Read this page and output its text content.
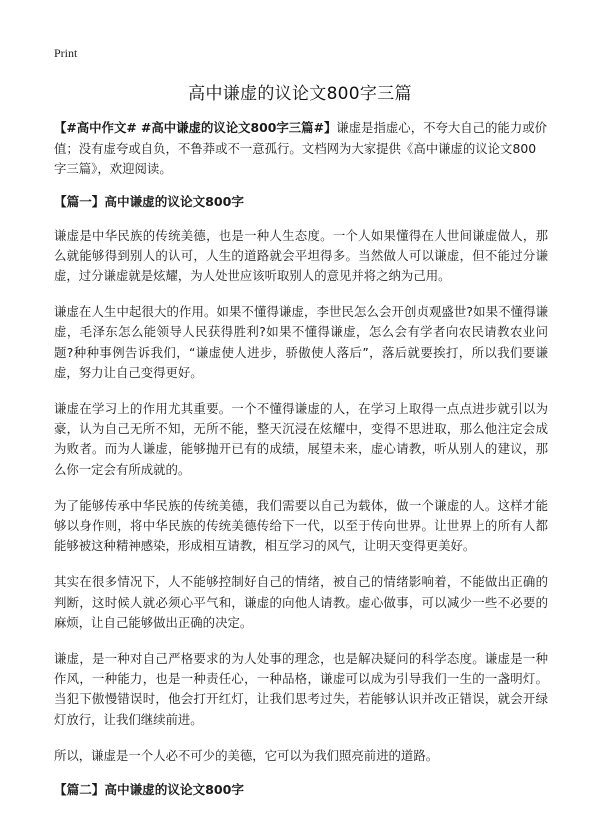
Print
高中谦虚的议论文800字三篇

【#高中作文# #高中谦虚的议论文800字三篇#】谦虚是指虚心，不夸大自己的能力或价值；没有虚夸或自负，不鲁莽或不一意孤行。文档网为大家提供《高中谦虚的议论文800字三篇》，欢迎阅读。

【篇一】高中谦虚的议论文800字

谦虚是中华民族的传统美德，也是一种人生态度。一个人如果懂得在人世间谦虚做人，那么就能够得到别人的认可，人生的道路就会平坦得多。当然做人可以谦虚，但不能过分谦虚，过分谦虚就是炫耀，为人处世应该听取别人的意见并将之纳为己用。

谦虚在人生中起很大的作用。如果不懂得谦虚，李世民怎么会开创贞观盛世?如果不懂得谦虚，毛泽东怎么能领导人民获得胜利?如果不懂得谦虚，怎么会有学者向农民请教农业问题?种种事例告诉我们，“谦虚使人进步，骄傲使人落后”，落后就要挨打，所以我们要谦虚，努力让自己变得更好。

谦虚在学习上的作用尤其重要。一个不懂得谦虚的人，在学习上取得一点点进步就引以为豪，认为自己无所不知，无所不能，整天沉浸在炫耀中，变得不思进取，那么他注定会成为败者。而为人谦虚，能够抛开已有的成绩，展望未来，虚心请教，听从别人的建议，那么你一定会有所成就的。

为了能够传承中华民族的传统美德，我们需要以自己为载体，做一个谦虚的人。这样才能够以身作则，将中华民族的传统美德传给下一代，以至于传向世界。让世界上的所有人都能够被这种精神感染，形成相互请教，相互学习的风气，让明天变得更美好。

其实在很多情况下，人不能够控制好自己的情绪，被自己的情绪影响着，不能做出正确的判断，这时候人就必须心平气和，谦虚的向他人请教。虚心做事，可以减少一些不必要的麻烦，让自己能够做出正确的决定。

谦虚，是一种对自己严格要求的为人处事的理念，也是解决疑问的科学态度。谦虚是一种作风，一种能力，也是一种责任心，一种品格，谦虚可以成为引导我们一生的一盏明灯。当犯下傲慢错误时，他会打开红灯，让我们思考过失，若能够认识并改正错误，就会开绿灯放行，让我们继续前进。

所以，谦虚是一个人必不可少的美德，它可以为我们照亮前进的道路。

【篇二】高中谦虚的议论文800字
